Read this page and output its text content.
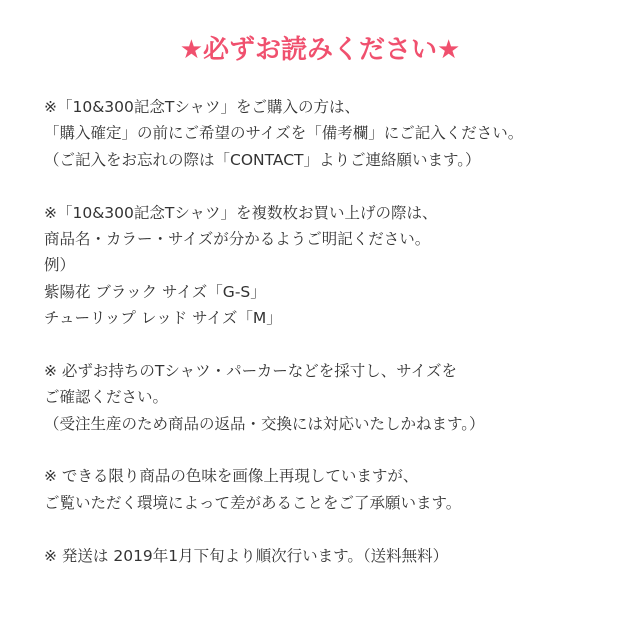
★必ずお読みください★
※「10&300記念Tシャツ」をご購入の方は、
「購入確定」の前にご希望のサイズを「備考欄」にご記入ください。
（ご記入をお忘れの際は「CONTACT」よりご連絡願います。）
※「10&300記念Tシャツ」を複数枚お買い上げの際は、
商品名・カラー・サイズが分かるようご明記ください。
例）
紫陽花 ブラック サイズ「G-S」
チューリップ レッド サイズ「M」
※ 必ずお持ちのTシャツ・パーカーなどを採寸し、サイズを
ご確認ください。
（受注生産のため商品の返品・交換には対応いたしかねます。）
※ できる限り商品の色味を画像上再現していますが、
ご覧いただく環境によって差があることをご了承願います。
※ 発送は 2019年1月下旬より順次行います。（送料無料）
